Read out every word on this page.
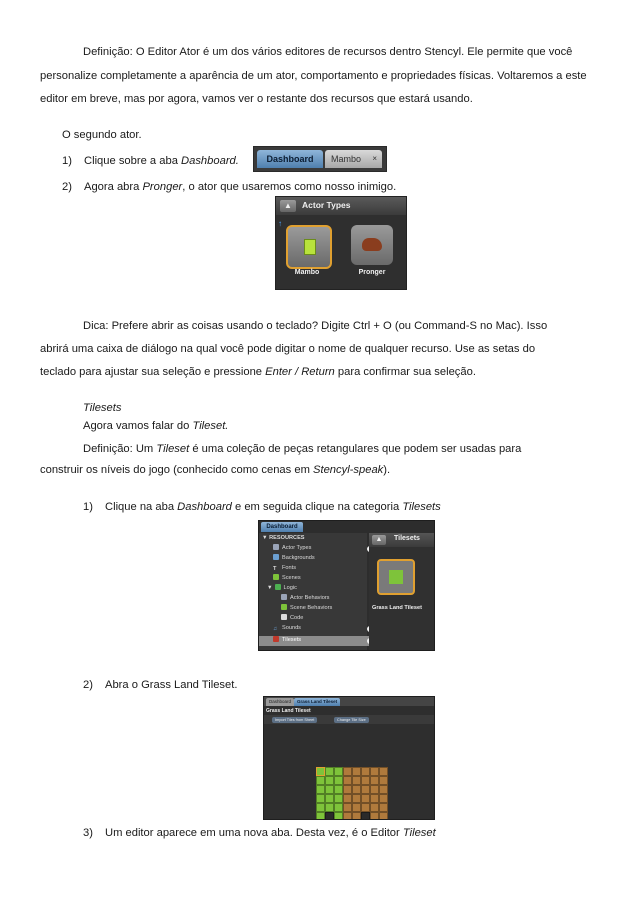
Definição: O Editor Ator é um dos vários editores de recursos dentro Stencyl. Ele permite que você
personalize completamente a aparência de um ator, comportamento e propriedades físicas. Voltaremos a este
editor em breve, mas por agora, vamos ver o restante dos recursos que estará usando.
O segundo ator.
1) Clique sobre a aba Dashboard.
2) Agora abra Pronger, o ator que usaremos como nosso inimigo.
Dashboard	Mambo ×
▲	Actor Types
↑
Mambo	Pronger
Dica: Prefere abrir as coisas usando o teclado? Digite Ctrl + O (ou Command-S no Mac). Isso
abrirá uma caixa de diálogo na qual você pode digitar o nome de qualquer recurso. Use as setas do
teclado para ajustar sua seleção e pressione Enter / Return para confirmar sua seleção.
Tilesets
Agora vamos falar do Tileset.
Definição: Um Tileset é uma coleção de peças retangulares que podem ser usadas para
construir os níveis do jogo (conhecido como cenas em Stencyl-speak).
1) Clique na aba Dashboard e em seguida clique na categoria Tilesets
Dashboard
▼ RESOURCES
Actor Types
Backgrounds
T Fonts
Scenes
▼ Logic
Actor Behaviors
Scene Behaviors
Code
♫ Sounds
Tilesets
▲	Tilesets
Grass Land Tileset
2) Abra o Grass Land Tileset.
Dashboard	Grass Land Tileset
Grass Land Tileset
Import Tiles from Sheet	Change Tile Size
3) Um editor aparece em uma nova aba. Desta vez, é o Editor Tileset
